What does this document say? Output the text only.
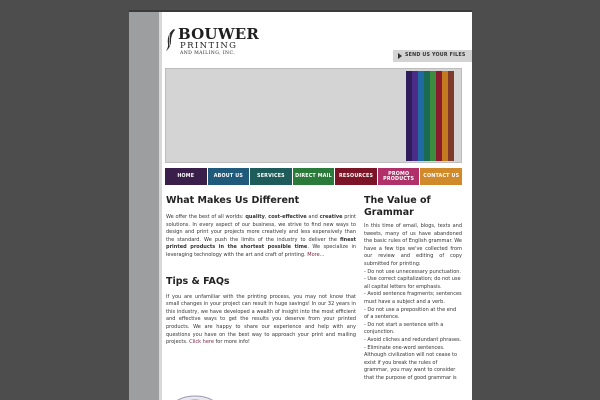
BOUWER
PRINTING
AND MAILING, INC.	SEND US YOUR FILES
HOME	ABOUT US	SERVICES	DIRECT MAIL	RESOURCES	PROMO PRODUCTS	CONTACT US
What Makes Us Different

We offer the best of all worlds: quality, cost-effective and creative print solutions. In every aspect of our business, we strive to find new ways to design and print your projects more creatively and less expensively than the standard. We push the limits of the industry to deliver the finest printed products in the shortest possible time. We specialize in leveraging technology with the art and craft of printing. More...

Tips & FAQs

If you are unfamiliar with the printing process, you may not know that small changes in your project can result in huge savings! In our 32 years in this industry, we have developed a wealth of insight into the most efficient and effective ways to get the results you deserve from your printed products. We are happy to share our experience and help with any questions you have on the best way to approach your print and mailing projects. Click here for more info!

The Value of Grammar

In this time of email, blogs, texts and tweets, many of us have abandoned the basic rules of English grammar. We have a few tips we've collected from our review and editing of copy submitted for printing:

- Do not use unnecessary punctuation.

- Use correct capitalization; do not use all capital letters for emphasis.

- Avoid sentence fragments; sentences must have a subject and a verb.

- Do not use a preposition at the end of a sentence.

- Do not start a sentence with a conjunction.

- Avoid cliches and redundant phrases.

- Eliminate one-word sentences.

Although civilization will not cease to exist if you break the rules of grammar, you may want to consider that the purpose of good grammar is
